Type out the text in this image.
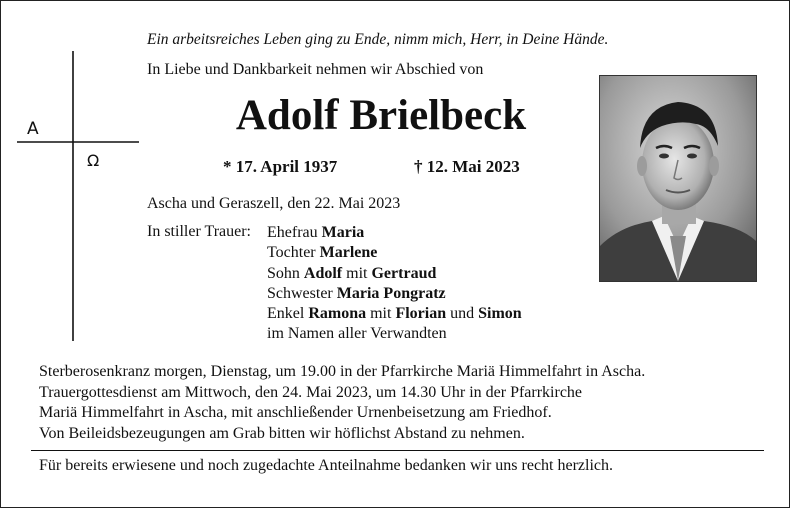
A
Ω
Ein arbeitsreiches Leben ging zu Ende, nimm mich, Herr, in Deine Hände.
In Liebe und Dankbarkeit nehmen wir Abschied von
Adolf Brielbeck
* 17. April 1937	† 12. Mai 2023
Ascha und Geraszell, den 22. Mai 2023
In stiller Trauer: Ehefrau Maria
Tochter Marlene
Sohn Adolf mit Gertraud
Schwester Maria Pongratz
Enkel Ramona mit Florian und Simon
im Namen aller Verwandten
Sterberosenkranz morgen, Dienstag, um 19.00 in der Pfarrkirche Mariä Himmelfahrt in Ascha.
Trauergottesdienst am Mittwoch, den 24. Mai 2023, um 14.30 Uhr in der Pfarrkirche
Mariä Himmelfahrt in Ascha, mit anschließender Urnenbeisetzung am Friedhof.
Von Beileidsbezeugungen am Grab bitten wir höflichst Abstand zu nehmen.
Für bereits erwiesene und noch zugedachte Anteilnahme bedanken wir uns recht herzlich.
